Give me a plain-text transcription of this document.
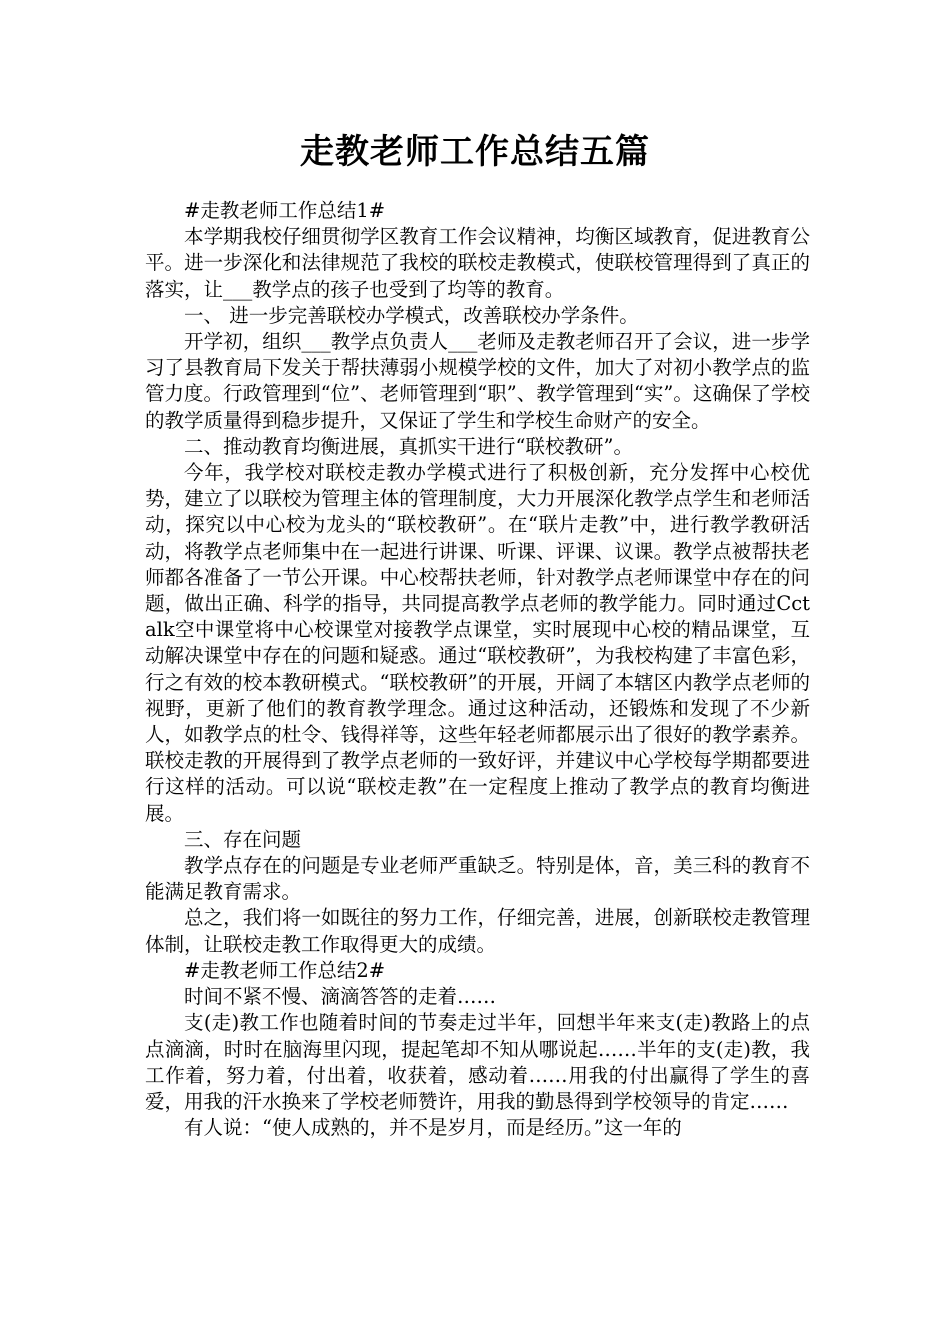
走教老师工作总结五篇

#走教老师工作总结1#

本学期我校仔细贯彻学区教育工作会议精神，均衡区域教育，促进教育公平。进一步深化和法律规范了我校的联校走教模式，使联校管理得到了真正的落实，让___教学点的孩子也受到了均等的教育。

一、 进一步完善联校办学模式，改善联校办学条件。

开学初，组织___教学点负责人___老师及走教老师召开了会议，进一步学习了县教育局下发关于帮扶薄弱小规模学校的文件，加大了对初小教学点的监管力度。行政管理到“位”、老师管理到“职”、教学管理到“实”。这确保了学校的教学质量得到稳步提升，又保证了学生和学校生命财产的安全。

二、推动教育均衡进展，真抓实干进行“联校教研”。

今年，我学校对联校走教办学模式进行了积极创新，充分发挥中心校优势，建立了以联校为管理主体的管理制度，大力开展深化教学点学生和老师活动，探究以中心校为龙头的“联校教研”。在“联片走教”中，进行教学教研活动，将教学点老师集中在一起进行讲课、听课、评课、议课。教学点被帮扶老师都各准备了一节公开课。中心校帮扶老师，针对教学点老师课堂中存在的问题，做出正确、科学的指导，共同提高教学点老师的教学能力。同时通过Cctalk空中课堂将中心校课堂对接教学点课堂，实时展现中心校的精品课堂，互动解决课堂中存在的问题和疑惑。通过“联校教研”，为我校构建了丰富色彩，行之有效的校本教研模式。“联校教研”的开展，开阔了本辖区内教学点老师的视野，更新了他们的教育教学理念。通过这种活动，还锻炼和发现了不少新人，如教学点的杜令、钱得祥等，这些年轻老师都展示出了很好的教学素养。联校走教的开展得到了教学点老师的一致好评，并建议中心学校每学期都要进行这样的活动。可以说“联校走教”在一定程度上推动了教学点的教育均衡进展。

三、存在问题

教学点存在的问题是专业老师严重缺乏。特别是体，音，美三科的教育不能满足教育需求。

总之，我们将一如既往的努力工作，仔细完善，进展，创新联校走教管理体制，让联校走教工作取得更大的成绩。

#走教老师工作总结2#

时间不紧不慢、滴滴答答的走着……

支(走)教工作也随着时间的节奏走过半年，回想半年来支(走)教路上的点点滴滴，时时在脑海里闪现，提起笔却不知从哪说起……半年的支(走)教，我工作着，努力着，付出着，收获着，感动着……用我的付出赢得了学生的喜爱，用我的汗水换来了学校老师赞许，用我的勤恳得到学校领导的肯定……

有人说：“使人成熟的，并不是岁月，而是经历。”这一年的
